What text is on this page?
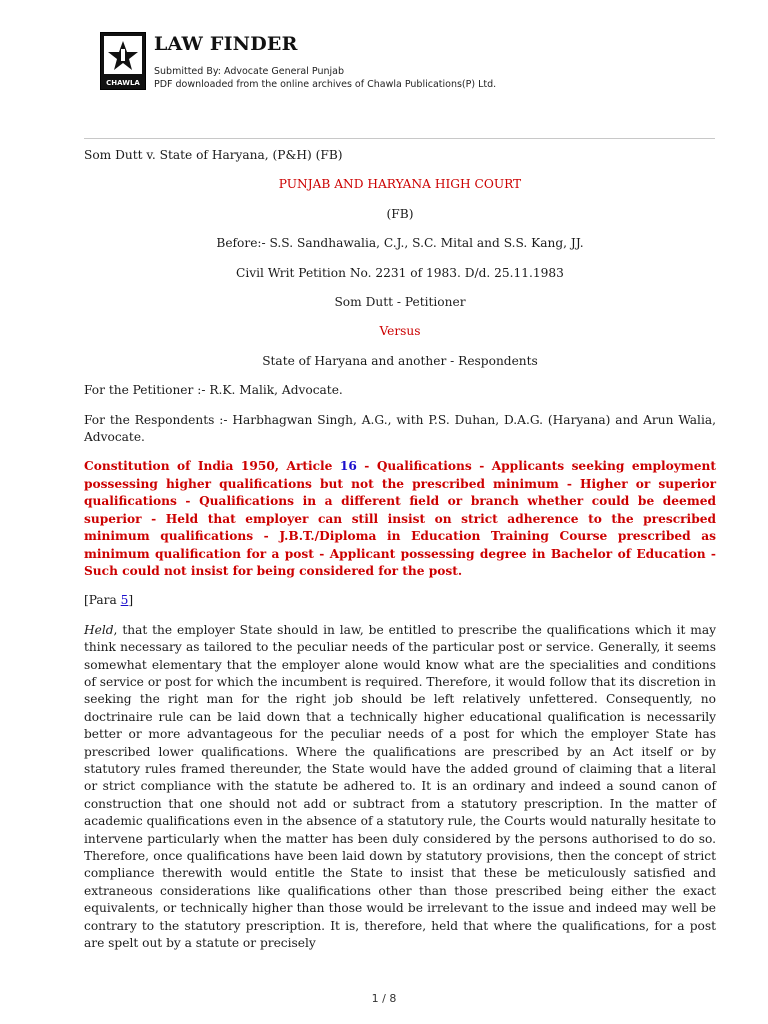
CHAWLA
LAW FINDER
Submitted By: Advocate General Punjab
PDF downloaded from the online archives of Chawla Publications(P) Ltd.

Som Dutt v. State of Haryana, (P&H) (FB)

PUNJAB AND HARYANA HIGH COURT

(FB)

Before:- S.S. Sandhawalia, C.J., S.C. Mital and S.S. Kang, JJ.

Civil Writ Petition No. 2231 of 1983. D/d. 25.11.1983

Som Dutt - Petitioner

Versus

State of Haryana and another - Respondents

For the Petitioner :- R.K. Malik, Advocate.

For the Respondents :- Harbhagwan Singh, A.G., with P.S. Duhan, D.A.G. (Haryana) and Arun Walia, Advocate.

Constitution of India 1950, Article 16 - Qualifications - Applicants seeking employment possessing higher qualifications but not the prescribed minimum - Higher or superior qualifications - Qualifications in a different field or branch whether could be deemed superior - Held that employer can still insist on strict adherence to the prescribed minimum qualifications - J.B.T./Diploma in Education Training Course prescribed as minimum qualification for a post - Applicant possessing degree in Bachelor of Education - Such could not insist for being considered for the post.

[Para 5]

Held, that the employer State should in law, be entitled to prescribe the qualifications which it may think necessary as tailored to the peculiar needs of the particular post or service. Generally, it seems somewhat elementary that the employer alone would know what are the specialities and conditions of service or post for which the incumbent is required. Therefore, it would follow that its discretion in seeking the right man for the right job should be left relatively unfettered. Consequently, no doctrinaire rule can be laid down that a technically higher educational qualification is necessarily better or more advantageous for the peculiar needs of a post for which the employer State has prescribed lower qualifications. Where the qualifications are prescribed by an Act itself or by statutory rules framed thereunder, the State would have the added ground of claiming that a literal or strict compliance with the statute be adhered to. It is an ordinary and indeed a sound canon of construction that one should not add or subtract from a statutory prescription. In the matter of academic qualifications even in the absence of a statutory rule, the Courts would naturally hesitate to intervene particularly when the matter has been duly considered by the persons authorised to do so. Therefore, once qualifications have been laid down by statutory provisions, then the concept of strict compliance therewith would entitle the State to insist that these be meticulously satisfied and extraneous considerations like qualifications other than those prescribed being either the exact equivalents, or technically higher than those would be irrelevant to the issue and indeed may well be contrary to the statutory prescription. It is, therefore, held that where the qualifications, for a post are spelt out by a statute or precisely

1 / 8
